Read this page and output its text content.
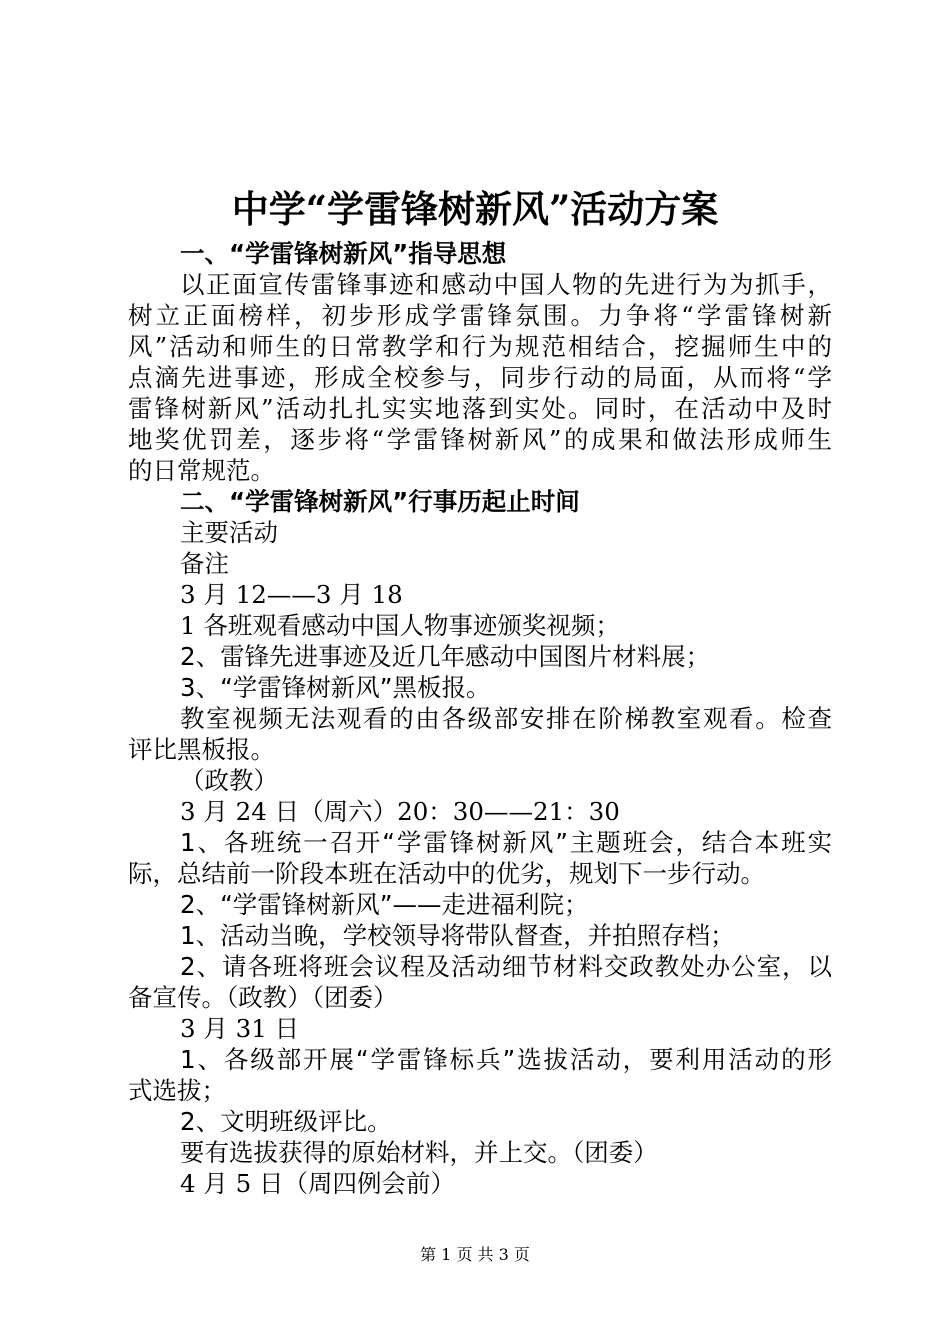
中学“学雷锋树新风”活动方案

一、“学雷锋树新风”指导思想

以正面宣传雷锋事迹和感动中国人物的先进行为为抓手，

树立正面榜样，初步形成学雷锋氛围。力争将“学雷锋树新

风”活动和师生的日常教学和行为规范相结合，挖掘师生中的

点滴先进事迹，形成全校参与，同步行动的局面，从而将“学

雷锋树新风”活动扎扎实实地落到实处。同时，在活动中及时

地奖优罚差，逐步将“学雷锋树新风”的成果和做法形成师生

的日常规范。

二、“学雷锋树新风”行事历起止时间

主要活动

备注

3 月 12——3 月 18

1 各班观看感动中国人物事迹颁奖视频；

2、雷锋先进事迹及近几年感动中国图片材料展；

3、“学雷锋树新风”黑板报。

教室视频无法观看的由各级部安排在阶梯教室观看。检查

评比黑板报。

（政教）

3 月 24 日（周六）20：30——21：30

1、各班统一召开“学雷锋树新风”主题班会，结合本班实

际，总结前一阶段本班在活动中的优劣，规划下一步行动。

2、“学雷锋树新风”——走进福利院；

1、活动当晚，学校领导将带队督查，并拍照存档；

2、请各班将班会议程及活动细节材料交政教处办公室，以

备宣传。（政教）（团委）

3 月 31 日

1、各级部开展“学雷锋标兵”选拔活动，要利用活动的形

式选拔；

2、文明班级评比。

要有选拔获得的原始材料，并上交。（团委）

4 月 5 日（周四例会前）

第 1 页 共 3 页
